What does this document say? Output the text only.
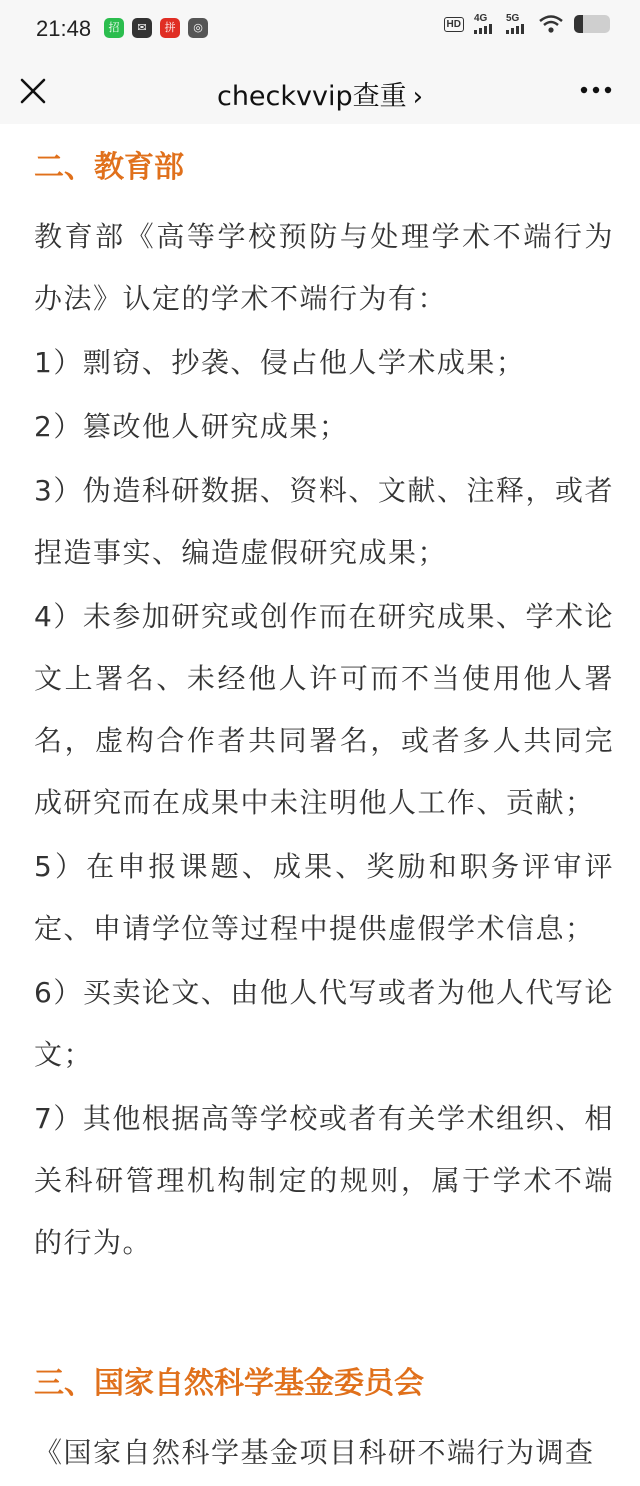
21:48	招	✉	拼	◎	HD	4G 5G
checkvvip查重 ›
二、教育部

教育部《高等学校预防与处理学术不端行为办法》认定的学术不端行为有：

1）剽窃、抄袭、侵占他人学术成果；

2）篡改他人研究成果；

3）伪造科研数据、资料、文献、注释，或者捏造事实、编造虚假研究成果；

4）未参加研究或创作而在研究成果、学术论文上署名、未经他人许可而不当使用他人署名，虚构合作者共同署名，或者多人共同完成研究而在成果中未注明他人工作、贡献；

5）在申报课题、成果、奖励和职务评审评定、申请学位等过程中提供虚假学术信息；

6）买卖论文、由他人代写或者为他人代写论文；

7）其他根据高等学校或者有关学术组织、相关科研管理机构制定的规则，属于学术不端的行为。

三、国家自然科学基金委员会

《国家自然科学基金项目科研不端行为调查
